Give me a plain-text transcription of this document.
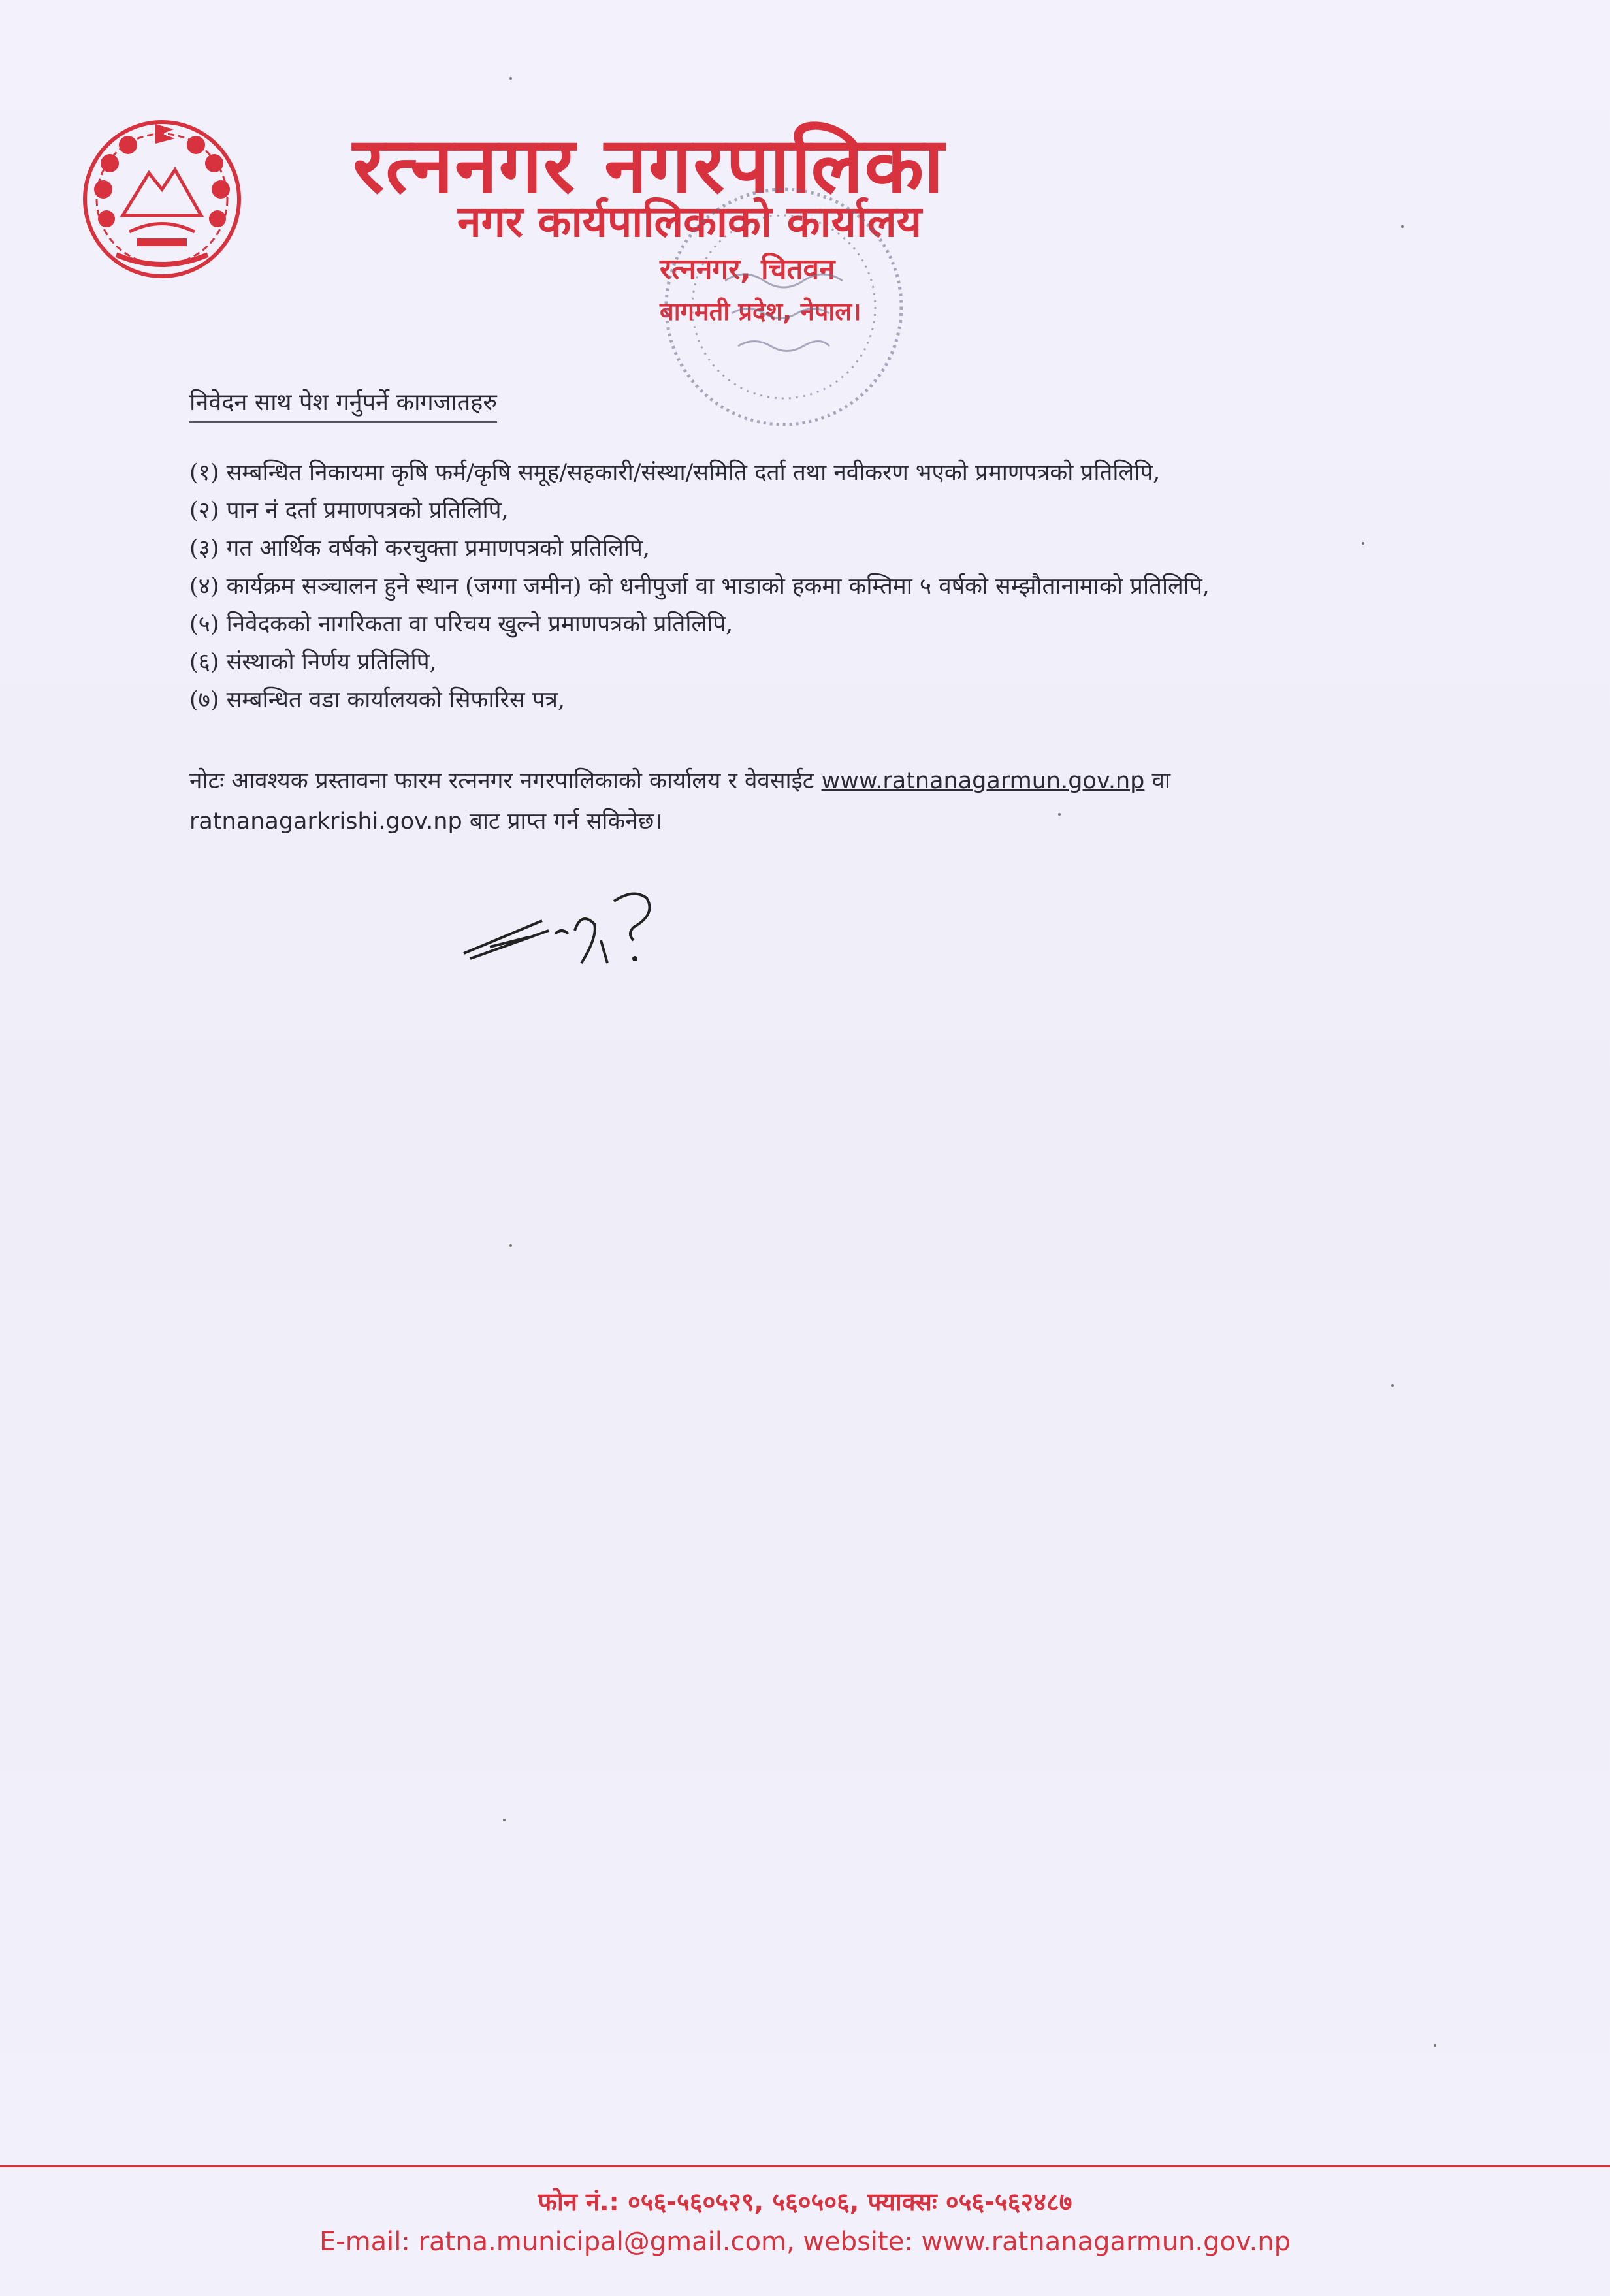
रत्ननगर नगरपालिका
नगर कार्यपालिकाको कार्यालय
रत्ननगर, चितवन
बागमती प्रदेश, नेपाल।
निवेदन साथ पेश गर्नुपर्ने कागजातहरु
(१) सम्बन्धित निकायमा कृषि फर्म/कृषि समूह/सहकारी/संस्था/समिति दर्ता तथा नवीकरण भएको प्रमाणपत्रको प्रतिलिपि,
(२) पान नं दर्ता प्रमाणपत्रको प्रतिलिपि,
(३) गत आर्थिक वर्षको करचुक्ता प्रमाणपत्रको प्रतिलिपि,
(४) कार्यक्रम सञ्चालन हुने स्थान (जग्गा जमीन) को धनीपुर्जा वा भाडाको हकमा कम्तिमा ५ वर्षको सम्झौतानामाको प्रतिलिपि,
(५) निवेदकको नागरिकता वा परिचय खुल्ने प्रमाणपत्रको प्रतिलिपि,
(६) संस्थाको निर्णय प्रतिलिपि,
(७) सम्बन्धित वडा कार्यालयको सिफारिस पत्र,
नोटः आवश्यक प्रस्तावना फारम रत्ननगर नगरपालिकाको कार्यालय र वेवसाईट www.ratnanagarmun.gov.np वा
ratnanagarkrishi.gov.np बाट प्राप्त गर्न सकिनेछ।
फोन नं.: ०५६-५६०५२९, ५६०५०६, फ्याक्सः ०५६-५६२४८७
E-mail: ratna.municipal@gmail.com, website: www.ratnanagarmun.gov.np
